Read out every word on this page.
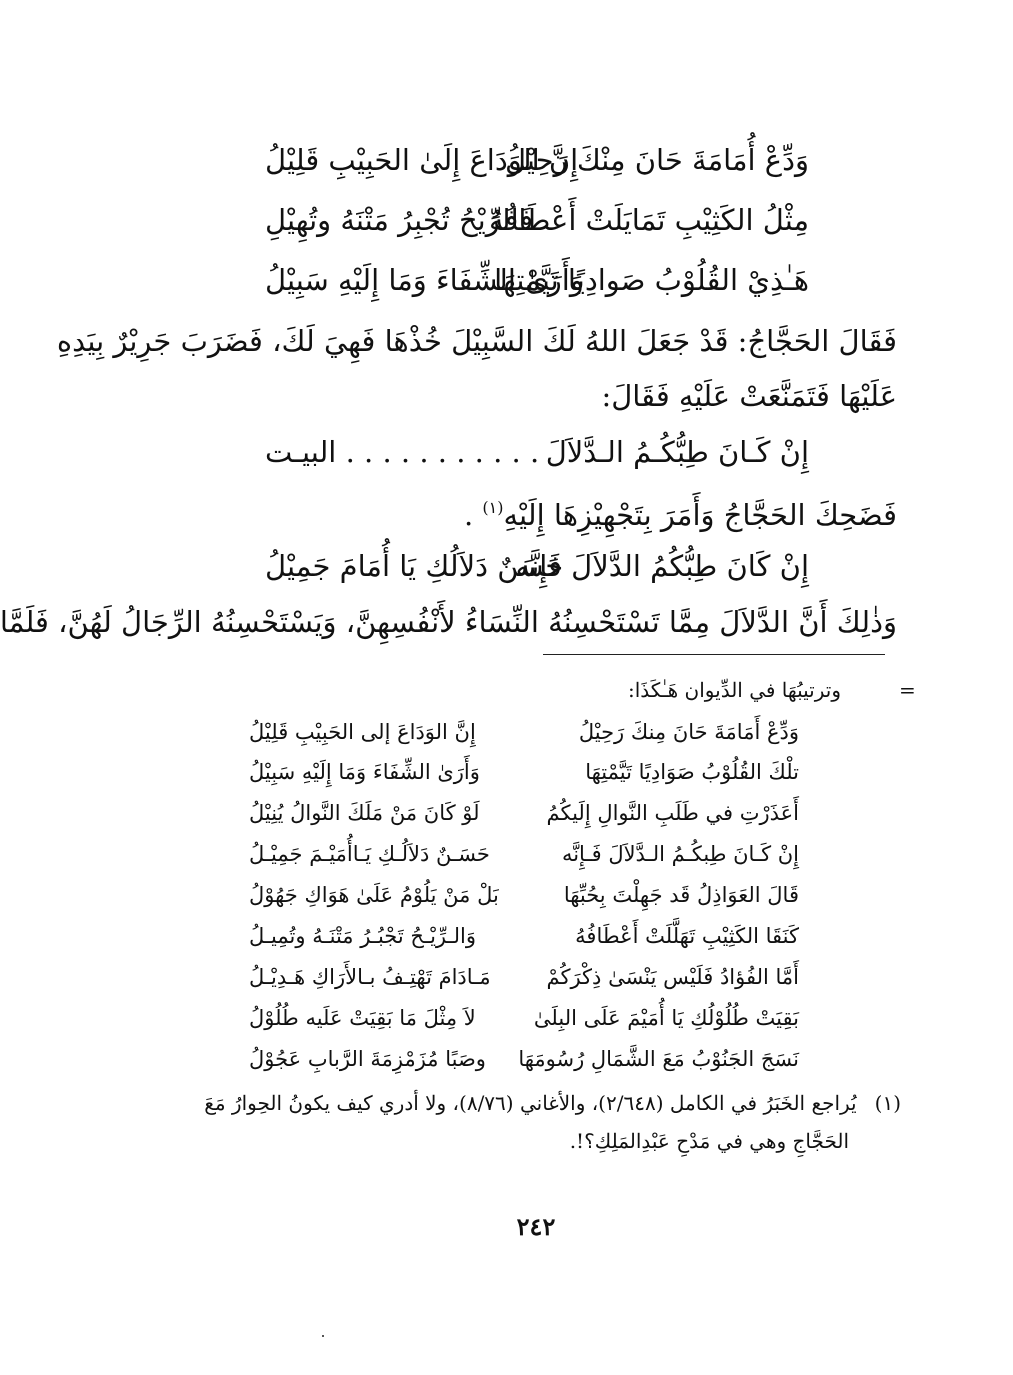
وَدِّعْ أُمَامَةَ حَانَ مِنْكَ رَحِيْلُ
إِنَّ الوَدَاعَ إِلَىٰ الحَبِيْبِ قَلِيْلُ
مِثْلُ الكَثِيْبِ تَمَايَلَتْ أَعْطَافُهُ
فَالرِّيْحُ تُجْبِرُ مَتْنَهُ وتُهِيْلِ
هَـٰذِيْ القُلُوْبُ صَوادِيًا تَيَّمْتِهَا
وَأَرَىٰ الشِّفَاءَ وَمَا إِلَيْهِ سَبِيْلُ
فَقَالَ الحَجَّاجُ: قَدْ جَعَلَ اللهُ لَكَ السَّبِيْلَ خُذْهَا فَهِيَ لَكَ، فَضَرَبَ جَرِيْرٌ بِيَدِهِ
عَلَيْهَا فَتَمَنَّعَتْ عَلَيْهِ فَقَالَ:
إِنْ كَـانَ طِبُّكُـمُ الـدَّلاَلَ
. . . . . . . . . . . البيـت
فَضَحِكَ الحَجَّاجُ وَأَمَرَ بِتَجْهِيْزِهَا إِلَيْهِ$^{(١)}$ .
إِنْ كَانَ طِبُّكُمُ الدَّلاَلَ فَإِنَّه
حَسَنٌ دَلاَلُكِ يَا أُمَامَ جَمِيْلُ
وَذٰلِكَ أَنَّ الدَّلاَلَ مِمَّا تَسْتَحْسِنُهُ النِّسَاءُ لأَنْفُسِهِنَّ، وَيَسْتَحْسِنُهُ الرِّجَالُ لَهُنَّ، فَلَمَّا
=
وترتيبُهَا في الدِّيوان هَـٰكَذَا:
وَدِّعْ أَمَامَةَ حَانَ مِنكَ رَحِيْلُ
إِنَّ الوَدَاعَ إلى الحَبِيْبِ قَلِيْلُ
تلْكَ القُلُوْبُ صَوَادِيًا تَيَّمْتِهَا
وَأَرَىٰ الشِّفَاءَ وَمَا إِلَيْهِ سَبِيْلُ
أَعَذَرْتِ في طَلَبِ النَّوالِ إِلَيكُمُ
لَوْ كَانَ مَنْ مَلَكَ النَّوالُ يُنِيْلُ
إِنْ كَـانَ طِبكُـمُ الـدَّلاَلَ فَـإِنَّه
حَسَـنٌ دَلاَلُـكِ يَـاأُمَيْـمَ جَمِيْـلُ
قَالَ العَوَاذِلُ قَد جَهِلْتَ بِحُبِّهَا
بَلْ مَنْ يَلُوْمُ عَلَىٰ هَوَاكِ جَهُوْلُ
كَنَقَا الكَثِيْبِ تَهَلَّلَتْ أَعْطَافُهُ
وَالـرِّيْـحُ تَجْبُـرُ مَتْنَـهُ وتُمِيـلُ
أَمَّا الفُؤادُ فَلَيْس يَنْسَىٰ ذِكْرَكُمْ
مَـادَامَ تَهْتِـفُ بـالأَرَاكِ هَـدِيْـلُ
بَقِيَتْ طُلُوْلُكِ يَا أُمَيْمَ عَلَى البِلَىٰ
لاَ مِثْلَ مَا بَقِيَتْ عَلَيه طُلُوْلُ
نَسَجَ الجَنُوْبُ مَعَ الشَّمَالِ رُسُومَهَا
وصَبًا مُزَمْزِمَةَ الرَّبابِ عَجُوْلُ
(١)يُراجع الخَبَرُ في الكامل (٢/٦٤٨)، والأغاني (٨/٧٦)، ولا أدري كيف يكونُ الحِوارُ مَعَ
الحَجَّاجِ وهي في مَدْحِ عَبْدِالمَلِكِ؟!.
٢٤٢
